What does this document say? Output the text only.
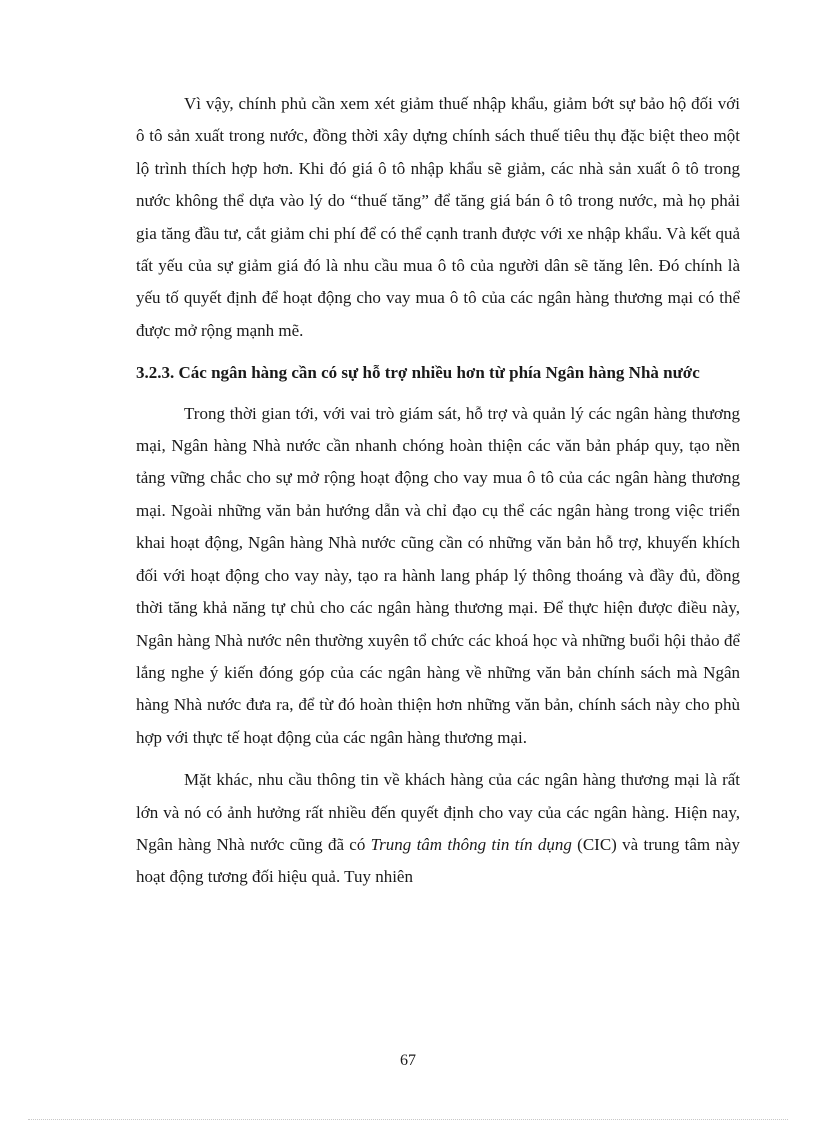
Vì vậy, chính phủ cần xem xét giảm thuế nhập khẩu, giảm bớt sự bảo hộ đối với ô tô sản xuất trong nước, đồng thời xây dựng chính sách thuế tiêu thụ đặc biệt theo một lộ trình thích hợp hơn. Khi đó giá ô tô nhập khẩu sẽ giảm, các nhà sản xuất ô tô trong nước không thể dựa vào lý do “thuế tăng” để tăng giá bán ô tô trong nước, mà họ phải gia tăng đầu tư, cắt giảm chi phí để có thể cạnh tranh được với xe nhập khẩu. Và kết quả tất yếu của sự giảm giá đó là nhu cầu mua ô tô của người dân sẽ tăng lên. Đó chính là yếu tố quyết định để hoạt động cho vay mua ô tô của các ngân hàng thương mại có thể được mở rộng mạnh mẽ.

3.2.3. Các ngân hàng cần có sự hỗ trợ nhiều hơn từ phía Ngân hàng Nhà nước

Trong thời gian tới, với vai trò giám sát, hỗ trợ và quản lý các ngân hàng thương mại, Ngân hàng Nhà nước cần nhanh chóng hoàn thiện các văn bản pháp quy, tạo nền tảng vững chắc cho sự mở rộng hoạt động cho vay mua ô tô của các ngân hàng thương mại. Ngoài những văn bản hướng dẫn và chỉ đạo cụ thể các ngân hàng trong việc triển khai hoạt động, Ngân hàng Nhà nước cũng cần có những văn bản hỗ trợ, khuyến khích đối với hoạt động cho vay này, tạo ra hành lang pháp lý thông thoáng và đầy đủ, đồng thời tăng khả năng tự chủ cho các ngân hàng thương mại. Để thực hiện được điều này, Ngân hàng Nhà nước nên thường xuyên tổ chức các khoá học và những buổi hội thảo để lắng nghe ý kiến đóng góp của các ngân hàng về những văn bản chính sách mà Ngân hàng Nhà nước đưa ra, để từ đó hoàn thiện hơn những văn bản, chính sách này cho phù hợp với thực tế hoạt động của các ngân hàng thương mại.

Mặt khác, nhu cầu thông tin về khách hàng của các ngân hàng thương mại là rất lớn và nó có ảnh hưởng rất nhiều đến quyết định cho vay của các ngân hàng. Hiện nay, Ngân hàng Nhà nước cũng đã có Trung tâm thông tin tín dụng (CIC) và trung tâm này hoạt động tương đối hiệu quả. Tuy nhiên

67
